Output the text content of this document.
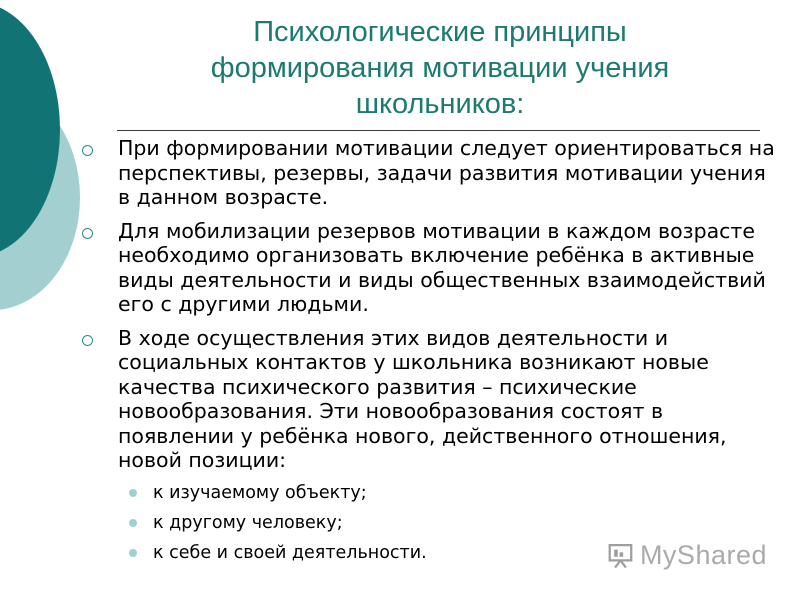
Психологические принципы формирования мотивации учения школьников:
При формировании мотивации следует ориентироваться на перспективы, резервы, задачи развития мотивации учения в данном возрасте.
Для мобилизации резервов мотивации в каждом возрасте необходимо организовать включение ребёнка в активные виды деятельности и виды общественных взаимодействий его с другими людьми.
В ходе осуществления этих видов деятельности и социальных контактов у школьника возникают новые качества психического развития – психические новообразования. Эти новообразования состоят в появлении у ребёнка нового, действенного отношения, новой позиции:
к изучаемому объекту;
к другому человеку;
к себе и своей деятельности.	MyShared
